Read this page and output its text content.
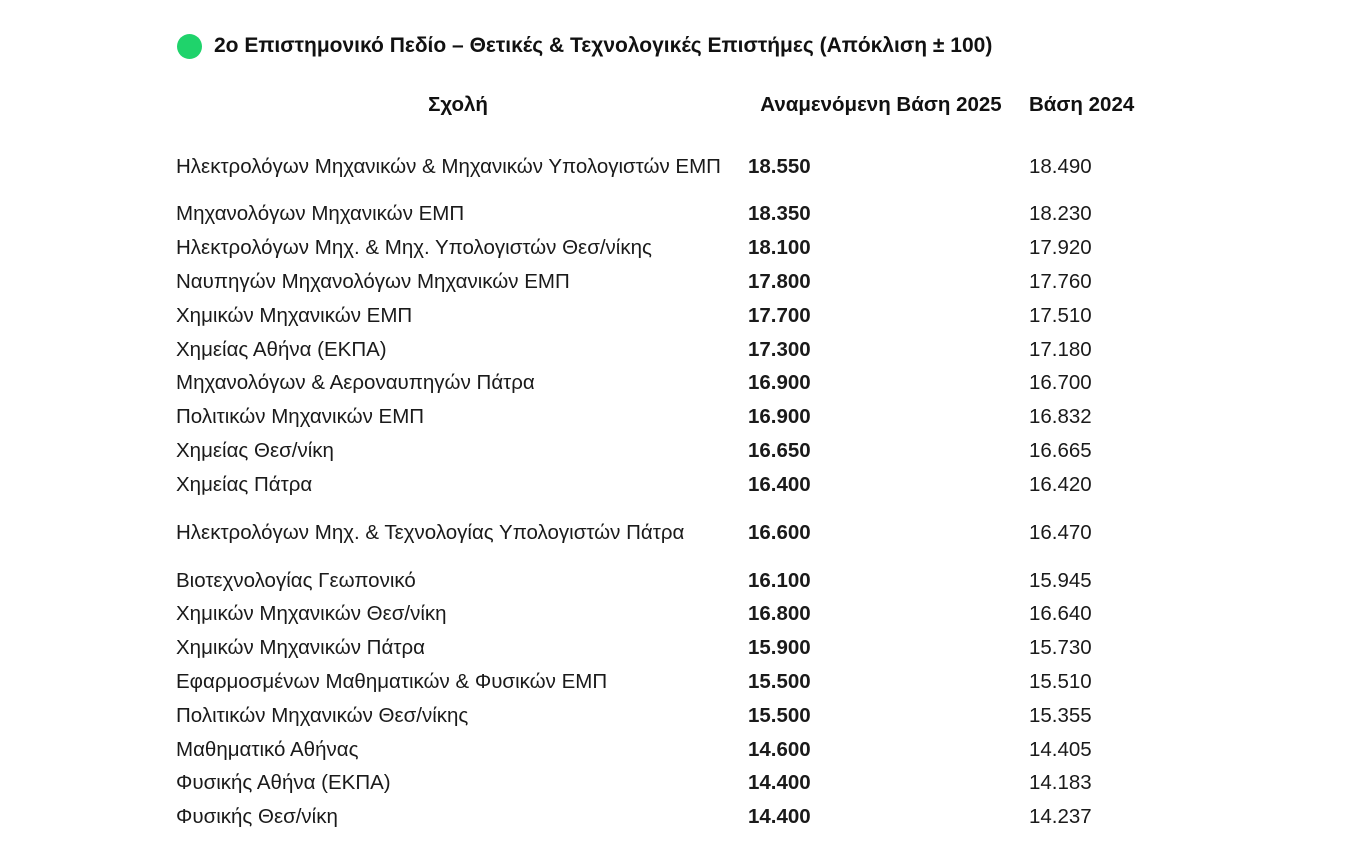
2ο Επιστημονικό Πεδίο – Θετικές & Τεχνολογικές Επιστήμες (Απόκλιση ± 100)
Σχολή	Αναμενόμενη Βάση 2025	Βάση 2024
Ηλεκτρολόγων Μηχανικών & Μηχανικών Υπολογιστών ΕΜΠ	18.550	18.490
Μηχανολόγων Μηχανικών ΕΜΠ	18.350	18.230
Ηλεκτρολόγων Μηχ. & Μηχ. Υπολογιστών Θεσ/νίκης	18.100	17.920
Ναυπηγών Μηχανολόγων Μηχανικών ΕΜΠ	17.800	17.760
Χημικών Μηχανικών ΕΜΠ	17.700	17.510
Χημείας Αθήνα (ΕΚΠΑ)	17.300	17.180
Μηχανολόγων & Αεροναυπηγών Πάτρα	16.900	16.700
Πολιτικών Μηχανικών ΕΜΠ	16.900	16.832
Χημείας Θεσ/νίκη	16.650	16.665
Χημείας Πάτρα	16.400	16.420
Ηλεκτρολόγων Μηχ. & Τεχνολογίας Υπολογιστών Πάτρα	16.600	16.470
Βιοτεχνολογίας Γεωπονικό	16.100	15.945
Χημικών Μηχανικών Θεσ/νίκη	16.800	16.640
Χημικών Μηχανικών Πάτρα	15.900	15.730
Εφαρμοσμένων Μαθηματικών & Φυσικών ΕΜΠ	15.500	15.510
Πολιτικών Μηχανικών Θεσ/νίκης	15.500	15.355
Μαθηματικό Αθήνας	14.600	14.405
Φυσικής Αθήνα (ΕΚΠΑ)	14.400	14.183
Φυσικής Θεσ/νίκη	14.400	14.237
